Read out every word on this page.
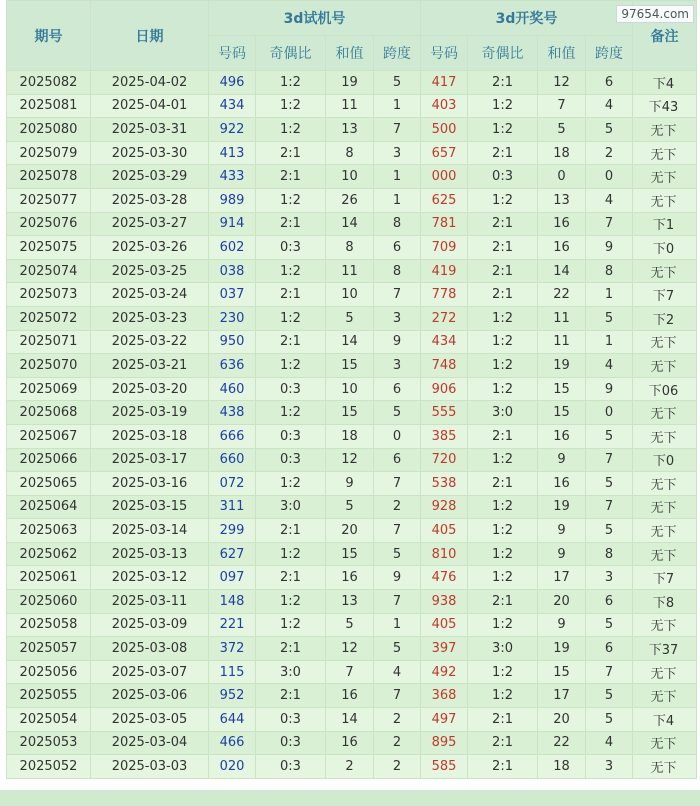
期号	日期	3d试机号				3d开奖号				备注
		号码	奇偶比	和值	跨度	号码	奇偶比	和值	跨度	
2025082	2025-04-02	496	1:2	19	5	417	2:1	12	6	下4
2025081	2025-04-01	434	1:2	11	1	403	1:2	7	4	下43
2025080	2025-03-31	922	1:2	13	7	500	1:2	5	5	无下
2025079	2025-03-30	413	2:1	8	3	657	2:1	18	2	无下
2025078	2025-03-29	433	2:1	10	1	000	0:3	0	0	无下
2025077	2025-03-28	989	1:2	26	1	625	1:2	13	4	无下
2025076	2025-03-27	914	2:1	14	8	781	2:1	16	7	下1
2025075	2025-03-26	602	0:3	8	6	709	2:1	16	9	下0
2025074	2025-03-25	038	1:2	11	8	419	2:1	14	8	无下
2025073	2025-03-24	037	2:1	10	7	778	2:1	22	1	下7
2025072	2025-03-23	230	1:2	5	3	272	1:2	11	5	下2
2025071	2025-03-22	950	2:1	14	9	434	1:2	11	1	无下
2025070	2025-03-21	636	1:2	15	3	748	1:2	19	4	无下
2025069	2025-03-20	460	0:3	10	6	906	1:2	15	9	下06
2025068	2025-03-19	438	1:2	15	5	555	3:0	15	0	无下
2025067	2025-03-18	666	0:3	18	0	385	2:1	16	5	无下
2025066	2025-03-17	660	0:3	12	6	720	1:2	9	7	下0
2025065	2025-03-16	072	1:2	9	7	538	2:1	16	5	无下
2025064	2025-03-15	311	3:0	5	2	928	1:2	19	7	无下
2025063	2025-03-14	299	2:1	20	7	405	1:2	9	5	无下
2025062	2025-03-13	627	1:2	15	5	810	1:2	9	8	无下
2025061	2025-03-12	097	2:1	16	9	476	1:2	17	3	下7
2025060	2025-03-11	148	1:2	13	7	938	2:1	20	6	下8
2025058	2025-03-09	221	1:2	5	1	405	1:2	9	5	无下
2025057	2025-03-08	372	2:1	12	5	397	3:0	19	6	下37
2025056	2025-03-07	115	3:0	7	4	492	1:2	15	7	无下
2025055	2025-03-06	952	2:1	16	7	368	1:2	17	5	无下
2025054	2025-03-05	644	0:3	14	2	497	2:1	20	5	下4
2025053	2025-03-04	466	0:3	16	2	895	2:1	22	4	无下
2025052	2025-03-03	020	0:3	2	2	585	2:1	18	3	无下
97654.com
